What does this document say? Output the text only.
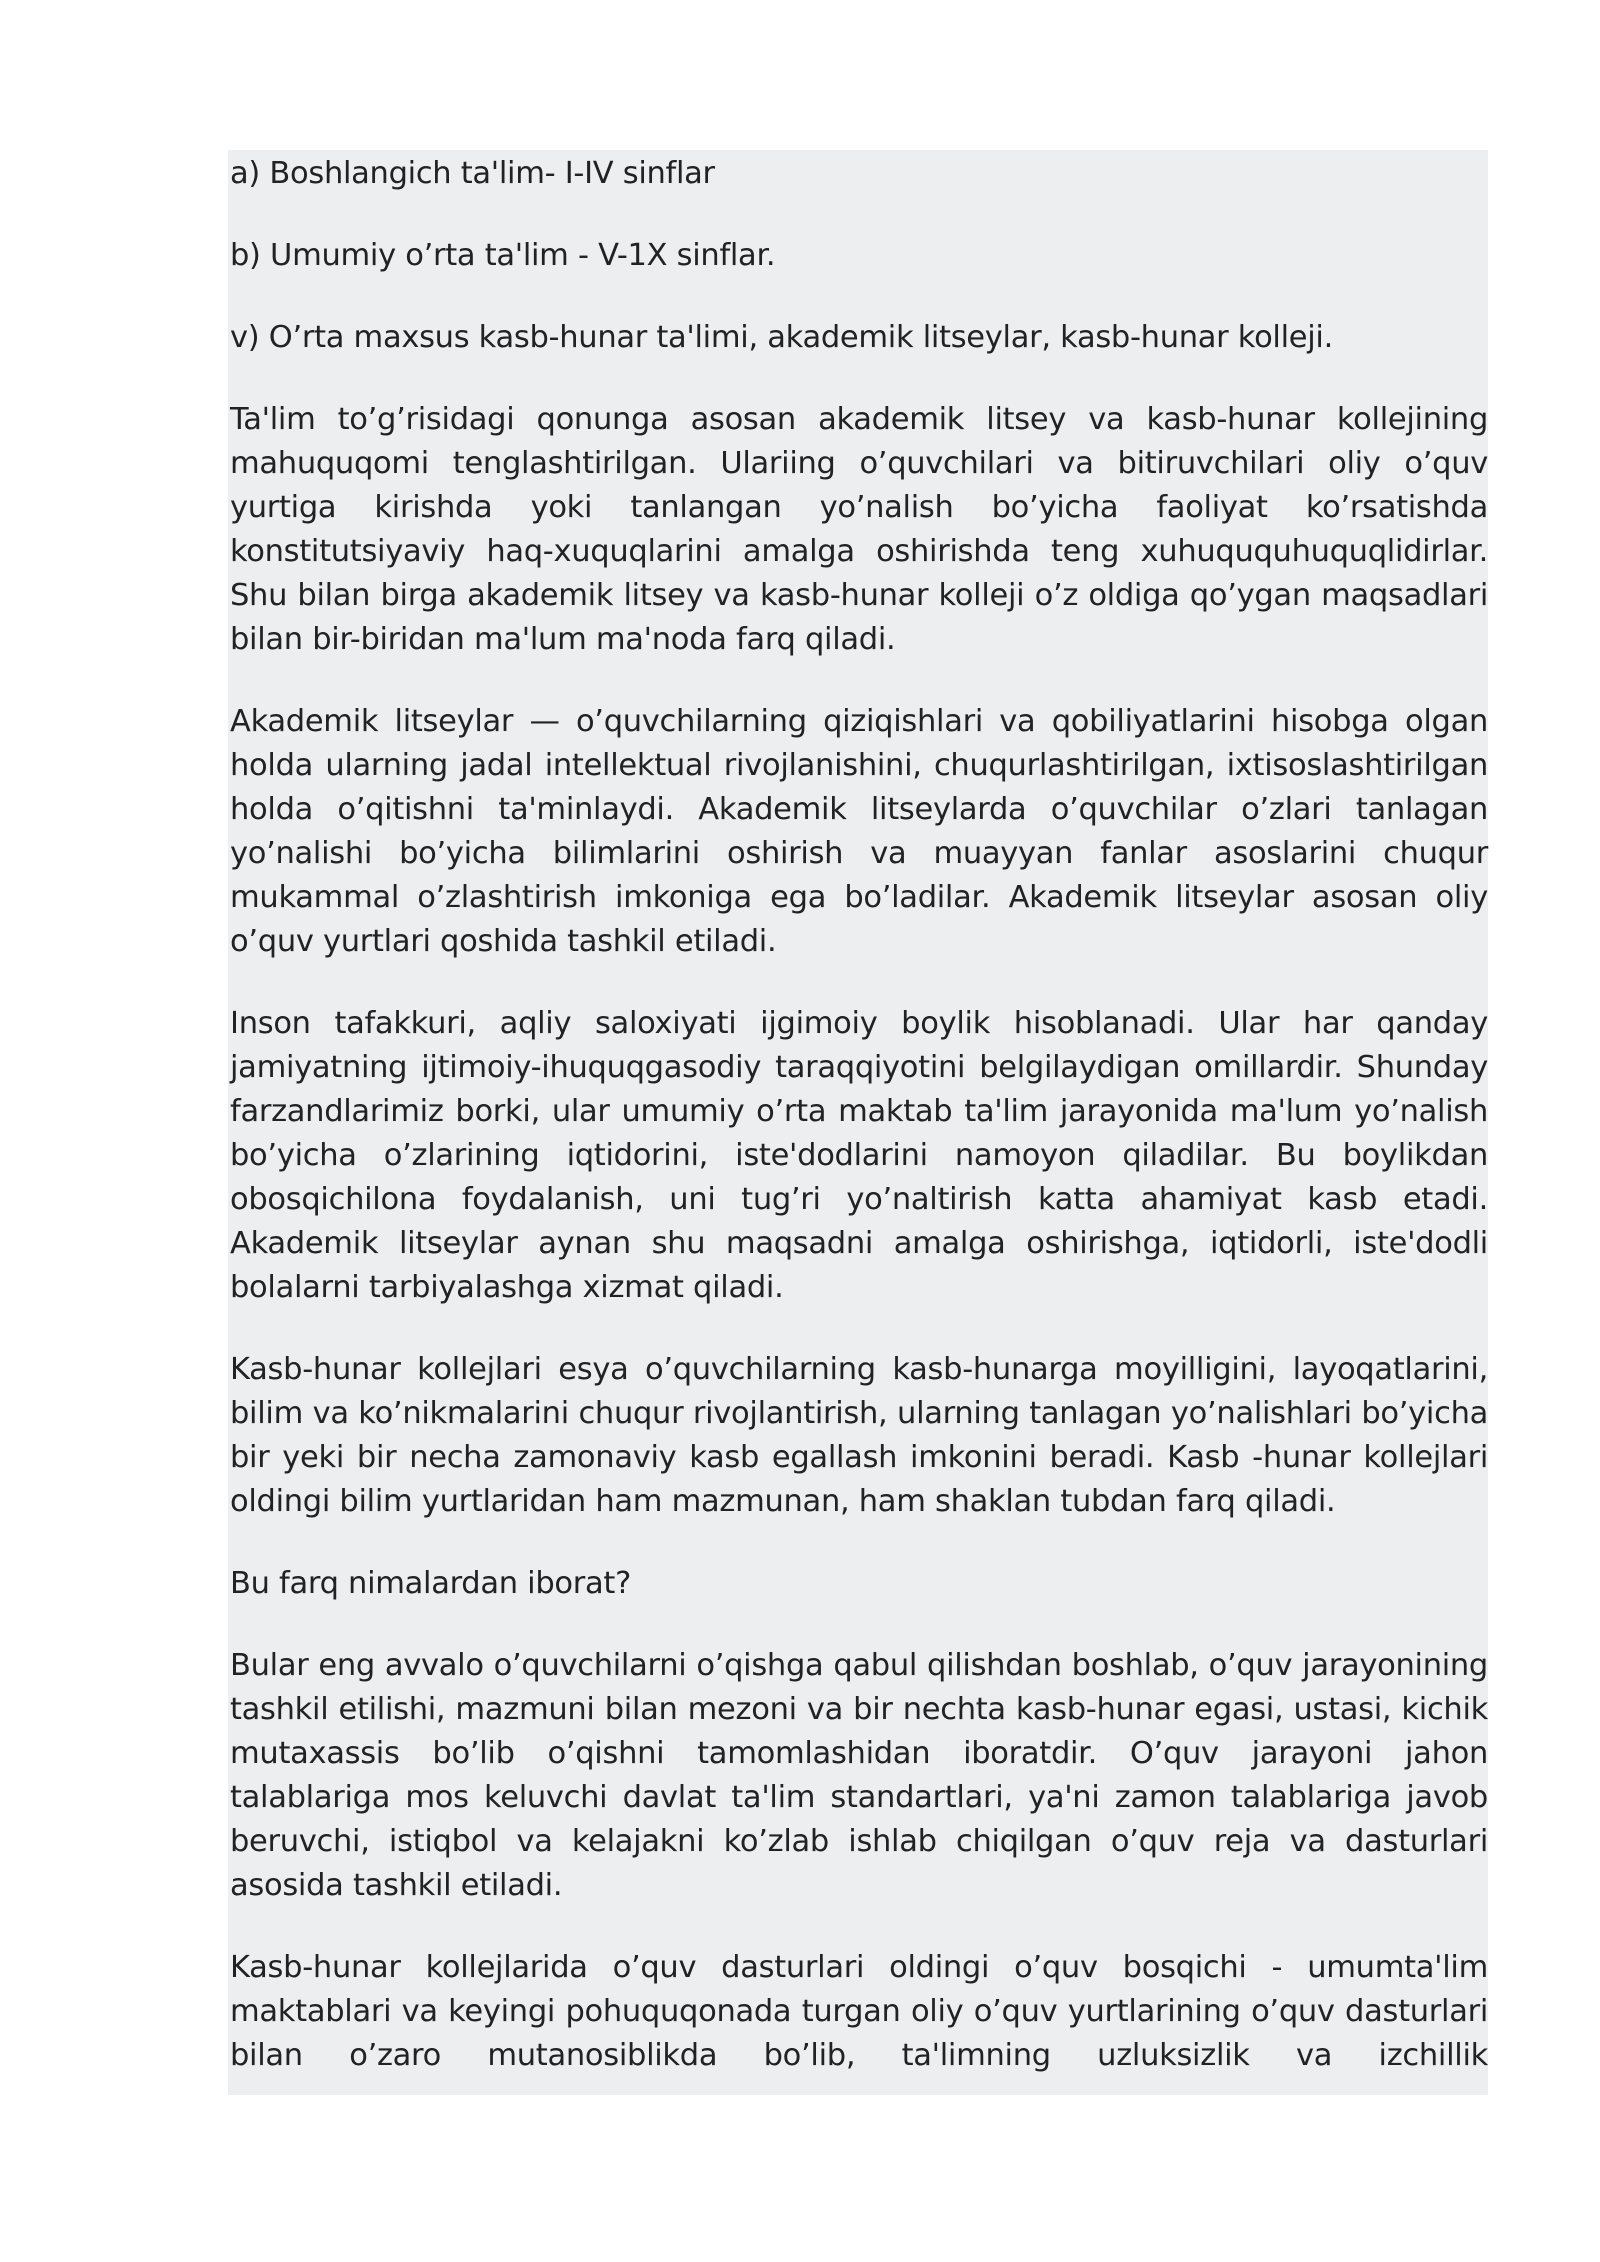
a) Boshlangich ta'lim- I-IV sinflar

b) Umumiy o’rta ta'lim - V-1X sinflar.

v) O’rta maxsus kasb-hunar ta'limi, akademik litseylar, kasb-hunar kolleji.

Ta'lim to’g’risidagi qonunga asosan akademik litsey va kasb-hunar kollejining mahuquqomi tenglashtirilgan. Ulariing o’quvchilari va bitiruvchilari oliy o’quv yurtiga kirishda yoki tanlangan yo’nalish bo’yicha faoliyat ko’rsatishda konstitutsiyaviy haq-xuquqlarini amalga oshirishda teng xuhuququhuquqlidirlar. Shu bilan birga akademik litsey va kasb-hunar kolleji o’z oldiga qo’ygan maqsadlari bilan bir-biridan ma'lum ma'noda farq qiladi.

Akademik litseylar — o’quvchilarning qiziqishlari va qobiliyatlarini hisobga olgan holda ularning jadal intellektual rivojlanishini, chuqurlashtirilgan, ixtisoslashtirilgan holda o’qitishni ta'minlaydi. Akademik litseylarda o’quvchilar o’zlari tanlagan yo’nalishi bo’yicha bilimlarini oshirish va muayyan fanlar asoslarini chuqur mukammal o’zlashtirish imkoniga ega bo’ladilar. Akademik litseylar asosan oliy o’quv yurtlari qoshida tashkil etiladi.

Inson tafakkuri, aqliy saloxiyati ijgimoiy boylik hisoblanadi. Ular har qanday jamiyatning ijtimoiy-ihuquqgasodiy taraqqiyotini belgilaydigan omillardir. Shunday farzandlarimiz borki, ular umumiy o’rta maktab ta'lim jarayonida ma'lum yo’nalish bo’yicha o’zlarining iqtidorini, iste'dodlarini namoyon qiladilar. Bu boylikdan obosqichilona foydalanish, uni tug’ri yo’naltirish katta ahamiyat kasb etadi. Akademik litseylar aynan shu maqsadni amalga oshirishga, iqtidorli, iste'dodli bolalarni tarbiyalashga xizmat qiladi.

Kasb-hunar kollejlari esya o’quvchilarning kasb-hunarga moyilligini, layoqatlarini, bilim va ko’nikmalarini chuqur rivojlantirish, ularning tanlagan yo’nalishlari bo’yicha bir yeki bir necha zamonaviy kasb egallash imkonini beradi. Kasb -hunar kollejlari oldingi bilim yurtlaridan ham mazmunan, ham shaklan tubdan farq qiladi.

Bu farq nimalardan iborat?

Bular eng avvalo o’quvchilarni o’qishga qabul qilishdan boshlab, o’quv jarayonining tashkil etilishi, mazmuni bilan mezoni va bir nechta kasb-hunar egasi, ustasi, kichik mutaxassis bo’lib o’qishni tamomlashidan iboratdir. O’quv jarayoni jahon talablariga mos keluvchi davlat ta'lim standartlari, ya'ni zamon talablariga javob beruvchi, istiqbol va kelajakni ko’zlab ishlab chiqilgan o’quv reja va dasturlari asosida tashkil etiladi.

Kasb-hunar kollejlarida o’quv dasturlari oldingi o’quv bosqichi - umumta'lim maktablari va keyingi pohuquqonada turgan oliy o’quv yurtlarining o’quv dasturlari bilan o’zaro mutanosiblikda bo’lib, ta'limning uzluksizlik va izchillik
